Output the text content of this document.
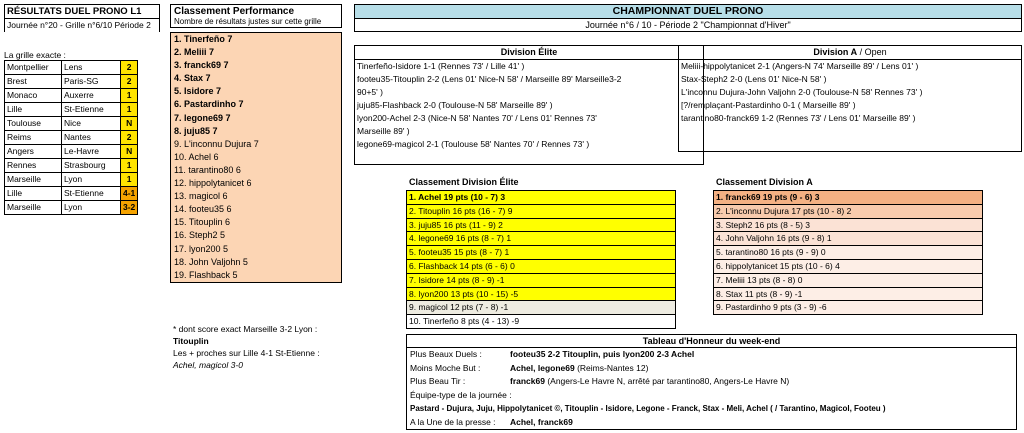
RÉSULTATS DUEL PRONO L1
Journée n°20 - Grille n°6/10 Période 2
La grille exacte :
Montpellier	Lens	2
Brest	Paris-SG	2
Monaco	Auxerre	1
Lille	St-Etienne	1
Toulouse	Nice	N
Reims	Nantes	2
Angers	Le-Havre	N
Rennes	Strasbourg	1
Marseille	Lyon	1
Lille	St-Etienne	4-1
Marseille	Lyon	3-2
Classement Performance
Nombre de résultats justes sur cette grille
1. Tinerfeño 7
2. Meliii 7
3. franck69 7
4. Stax 7
5. Isidore 7
6. Pastardinho 7
7. legone69 7
8. juju85 7
9. L'inconnu Dujura 7
10. Achel 6
11. tarantino80 6
12. hippolytanicet 6
13. magicol 6
14. footeu35 6
15. Titouplin 6
16. Steph2 5
17. lyon200 5
18. John Valjohn 5
19. Flashback 5
* dont score exact Marseille 3-2 Lyon :
Titouplin
Les + proches sur Lille 4-1 St-Etienne :
Achel, magicol 3-0
CHAMPIONNAT DUEL PRONO
Journée n°6 / 10 - Période 2 "Championnat d'Hiver"
Division Élite
Tinerfeño-Isidore 1-1 (Rennes 73' / Lille 41' )
footeu35-Titouplin 2-2 (Lens 01' Nice-N 58' / Marseille 89' Marseille3-2
90+5' )
juju85-Flashback 2-0 (Toulouse-N 58' Marseille 89' )
lyon200-Achel 2-3 (Nice-N 58' Nantes 70' / Lens 01' Rennes 73'
Marseille 89' )
legone69-magicol 2-1 (Toulouse 58' Nantes 70' / Rennes 73' )
Division A / Open
Meliii-hippolytanicet 2-1 (Angers-N 74' Marseille 89' / Lens 01' )
Stax-Steph2 2-0 (Lens 01' Nice-N 58' )
L'inconnu Dujura-John Valjohn 2-0 (Toulouse-N 58' Rennes 73' )
[?/remplaçant-Pastardinho 0-1 ( Marseille 89' )
tarantino80-franck69 1-2 (Rennes 73' / Lens 01' Marseille 89' )
Classement Division Élite
1. Achel 19 pts (10 - 7) 3
2. Titouplin 16 pts (16 - 7) 9
3. juju85 16 pts (11 - 9) 2
4. legone69 16 pts (8 - 7) 1
5. footeu35 15 pts (8 - 7) 1
6. Flashback 14 pts (6 - 6) 0
7. Isidore 14 pts (8 - 9) -1
8. lyon200 13 pts (10 - 15) -5
9. magicol 12 pts (7 - 8) -1
10. Tinerfeño 8 pts (4 - 13) -9
Classement Division A
1. franck69 19 pts (9 - 6) 3
2. L'inconnu Dujura 17 pts (10 - 8) 2
3. Steph2 16 pts (8 - 5) 3
4. John Valjohn 16 pts (9 - 8) 1
5. tarantino80 16 pts (9 - 9) 0
6. hippolytanicet 15 pts (10 - 6) 4
7. Meliii 13 pts (8 - 8) 0
8. Stax 11 pts (8 - 9) -1
9. Pastardinho 9 pts (3 - 9) -6
Tableau d'Honneur du week-end
Plus Beaux Duels :	footeu35 2-2 Titouplin, puis lyon200 2-3 Achel
Moins Moche But :	Achel, legone69 (Reims-Nantes 12)
Plus Beau Tir :	franck69 (Angers-Le Havre N, arrêté par tarantino80, Angers-Le Havre N)
Équipe-type de la journée :
Pastard - Dujura, Juju, Hippolytanicet ©, Titouplin - Isidore, Legone - Franck, Stax - Meli, Achel ( / Tarantino, Magicol, Footeu )
A la Une de la presse : Achel, franck69
